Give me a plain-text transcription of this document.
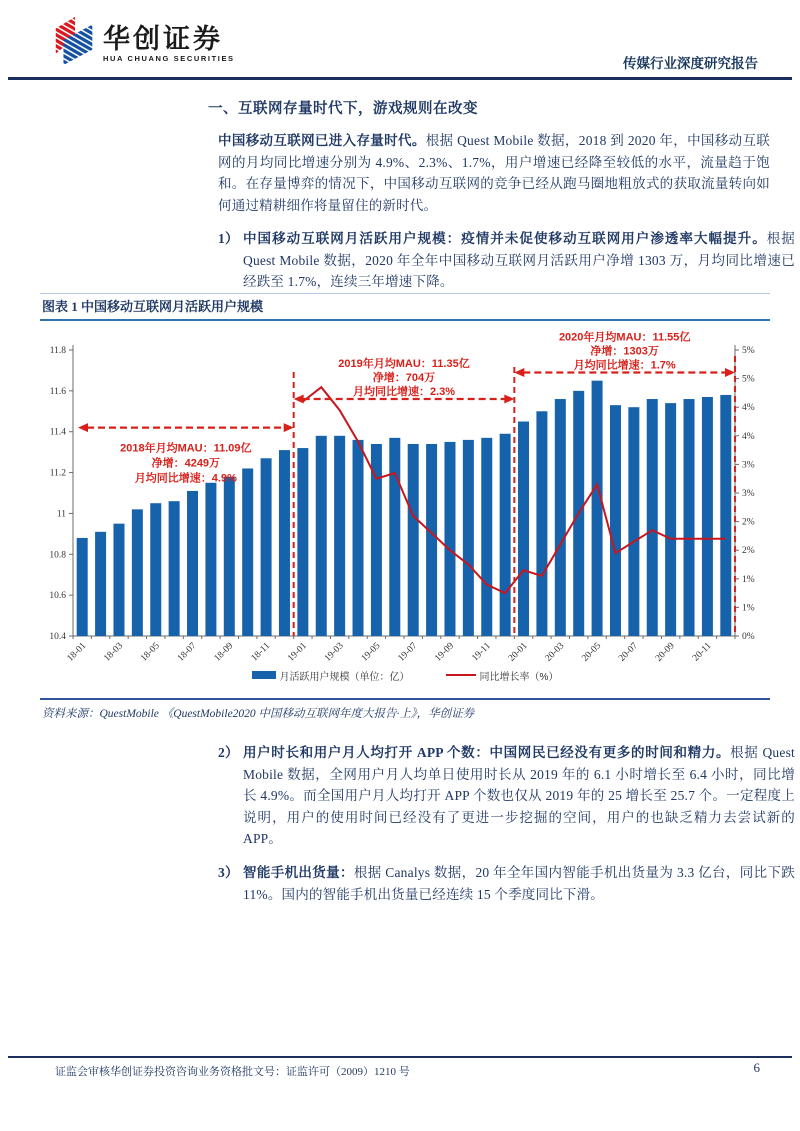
华创证券
HUA CHUANG SECURITIES	传媒行业深度研究报告
一、互联网存量时代下，游戏规则在改变
中国移动互联网已进入存量时代。根据 Quest Mobile 数据，2018 到 2020 年，中国移动互联网的月均同比增速分别为 4.9%、2.3%、1.7%，用户增速已经降至较低的水平，流量趋于饱和。在存量博弈的情况下，中国移动互联网的竞争已经从跑马圈地粗放式的获取流量转向如何通过精耕细作将量留住的新时代。
1） 中国移动互联网月活跃用户规模：疫情并未促使移动互联网用户渗透率大幅提升。根据 Quest Mobile 数据，2020 年全年中国移动互联网月活跃用户净增 1303 万，月均同比增速已经跌至 1.7%，连续三年增速下降。
图表 1 中国移动互联网月活跃用户规模
11.8
11.6
11.4
11.2
11
10.8
10.6
10.4
5%
5%
4%
4%
3%
3%
2%
2%
1%
1%
0%
18-01 18-03 18-05 18-07 18-09 18-11 19-01 19-03 19-05 19-07 19-09 19-11 20-01 20-03 20-05 20-07 20-09 20-11
2018年月均MAU：11.09亿
净增：4249万
月均同比增速：4.9%
2019年月均MAU：11.35亿
净增：704万
月均同比增速：2.3%
2020年月均MAU：11.55亿
净增：1303万
月均同比增速：1.7%
月活跃用户规模（单位：亿）	同比增长率（%）
资料来源：QuestMobile 《QuestMobile2020 中国移动互联网年度大报告·上》，华创证券
2） 用户时长和用户月人均打开 APP 个数：中国网民已经没有更多的时间和精力。根据 Quest Mobile 数据，全网用户月人均单日使用时长从 2019 年的 6.1 小时增长至 6.4 小时，同比增长 4.9%。而全国用户月人均打开 APP 个数也仅从 2019 年的 25 增长至 25.7 个。一定程度上说明，用户的使用时间已经没有了更进一步挖掘的空间，用户的也缺乏精力去尝试新的 APP。
3） 智能手机出货量：根据 Canalys 数据，20 年全年国内智能手机出货量为 3.3 亿台，同比下跌 11%。国内的智能手机出货量已经连续 15 个季度同比下滑。
证监会审核华创证券投资咨询业务资格批文号：证监许可（2009）1210 号	6
